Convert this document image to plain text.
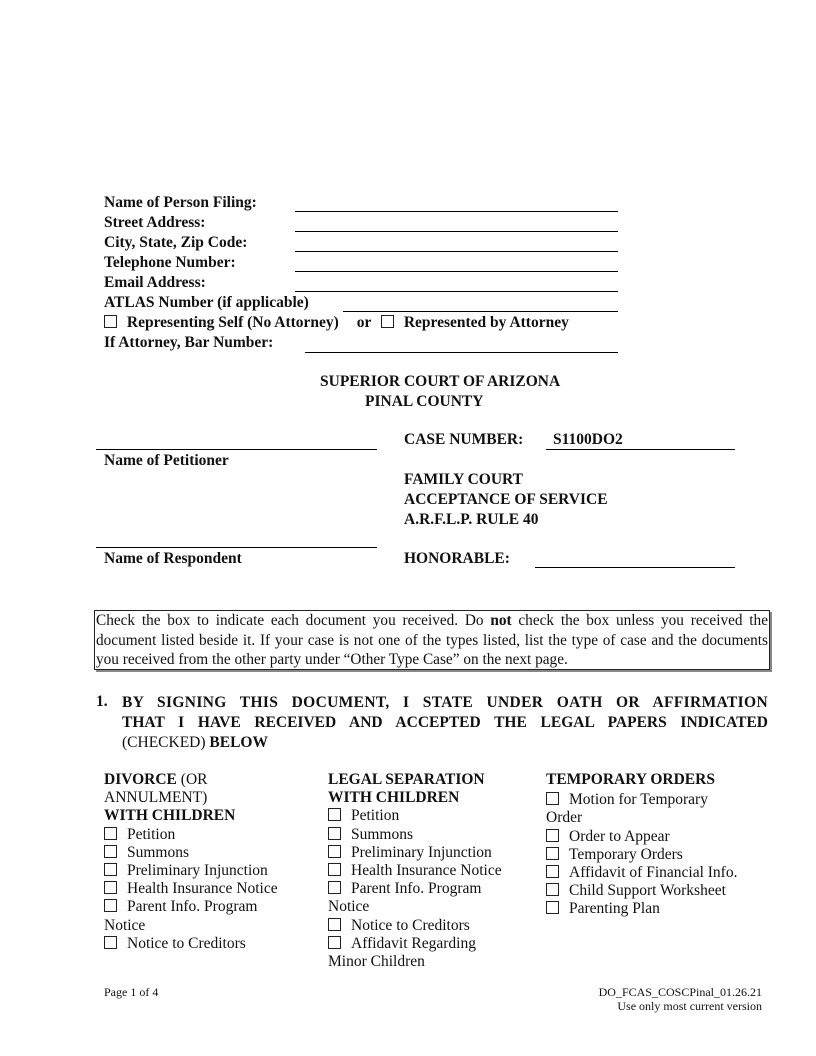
Name of Person Filing:
Street Address:
City, State, Zip Code:
Telephone Number:
Email Address:
ATLAS Number (if applicable)
Representing Self (No Attorney) or Represented by Attorney
If Attorney, Bar Number:
SUPERIOR COURT OF ARIZONA
PINAL COUNTY
Name of Petitioner
Name of Respondent
CASE NUMBER: S1100DO2
FAMILY COURT
ACCEPTANCE OF SERVICE
A.R.F.L.P. RULE 40
HONORABLE:
Check the box to indicate each document you received. Do not check the box unless you received the document listed beside it. If your case is not one of the types listed, list the type of case and the documents you received from the other party under “Other Type Case” on the next page.
1. BY SIGNING THIS DOCUMENT, I STATE UNDER OATH OR AFFIRMATION
THAT I HAVE RECEIVED AND ACCEPTED THE LEGAL PAPERS INDICATED
(CHECKED) BELOW
DIVORCE (OR
ANNULMENT)
WITH CHILDREN
Petition
Summons
Preliminary Injunction
Health Insurance Notice
Parent Info. Program
Notice
Notice to Creditors
LEGAL SEPARATION
WITH CHILDREN
Petition
Summons
Preliminary Injunction
Health Insurance Notice
Parent Info. Program
Notice
Notice to Creditors
Affidavit Regarding
Minor Children
TEMPORARY ORDERS
Motion for Temporary
Order
Order to Appear
Temporary Orders
Affidavit of Financial Info.
Child Support Worksheet
Parenting Plan
Page 1 of 4	DO_FCAS_COSCPinal_01.26.21
Use only most current version
